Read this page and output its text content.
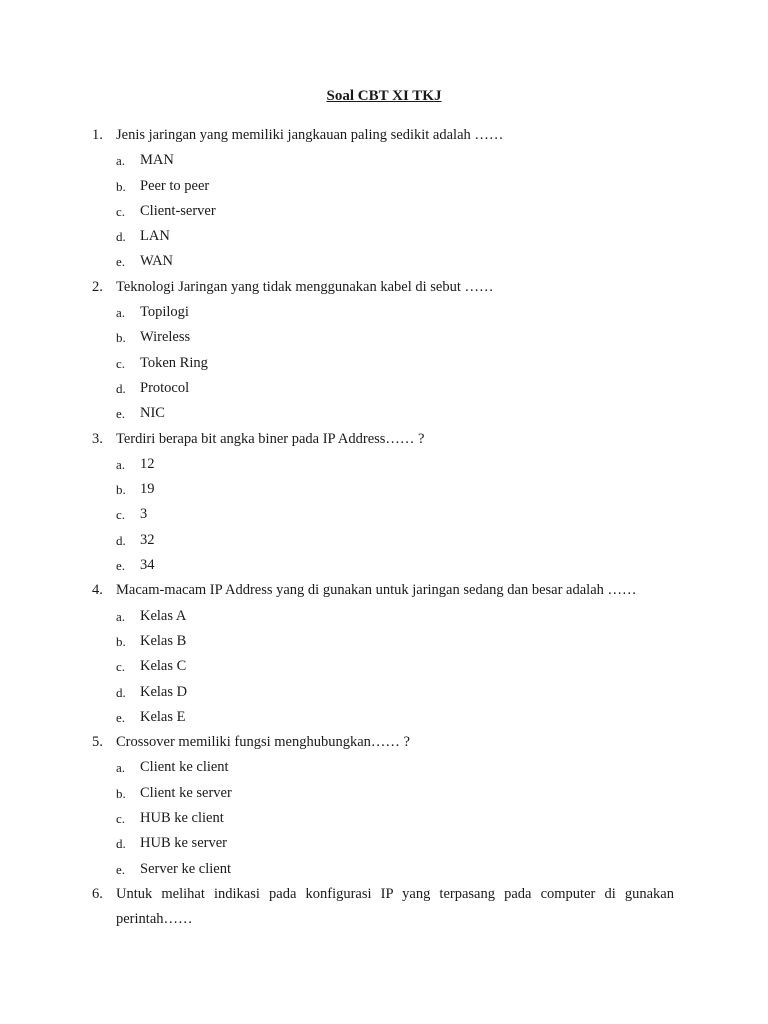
Soal CBT XI TKJ
1. Jenis jaringan yang memiliki jangkauan paling sedikit adalah ……
a.	MAN
b. Peer to peer
c.	Client-server
d. LAN
e.	WAN
2. Teknologi Jaringan yang tidak menggunakan kabel di sebut ……
a.	Topilogi
b. Wireless
c.	Token Ring
d. Protocol
e.	NIC
3. Terdiri berapa bit angka biner pada IP Address…… ?
a.	12
b. 19
c.	3
d. 32
e.	34
4. Macam-macam IP Address yang di gunakan untuk jaringan sedang dan besar adalah ……
a.	Kelas A
b. Kelas B
c.	Kelas C
d. Kelas D
e.	Kelas E
5. Crossover memiliki fungsi menghubungkan…… ?
a.	Client ke client
b. Client ke server
c.	HUB ke client
d. HUB ke server
e.	Server ke client
6. Untuk melihat indikasi pada konfigurasi IP yang terpasang pada computer di gunakan
perintah……
